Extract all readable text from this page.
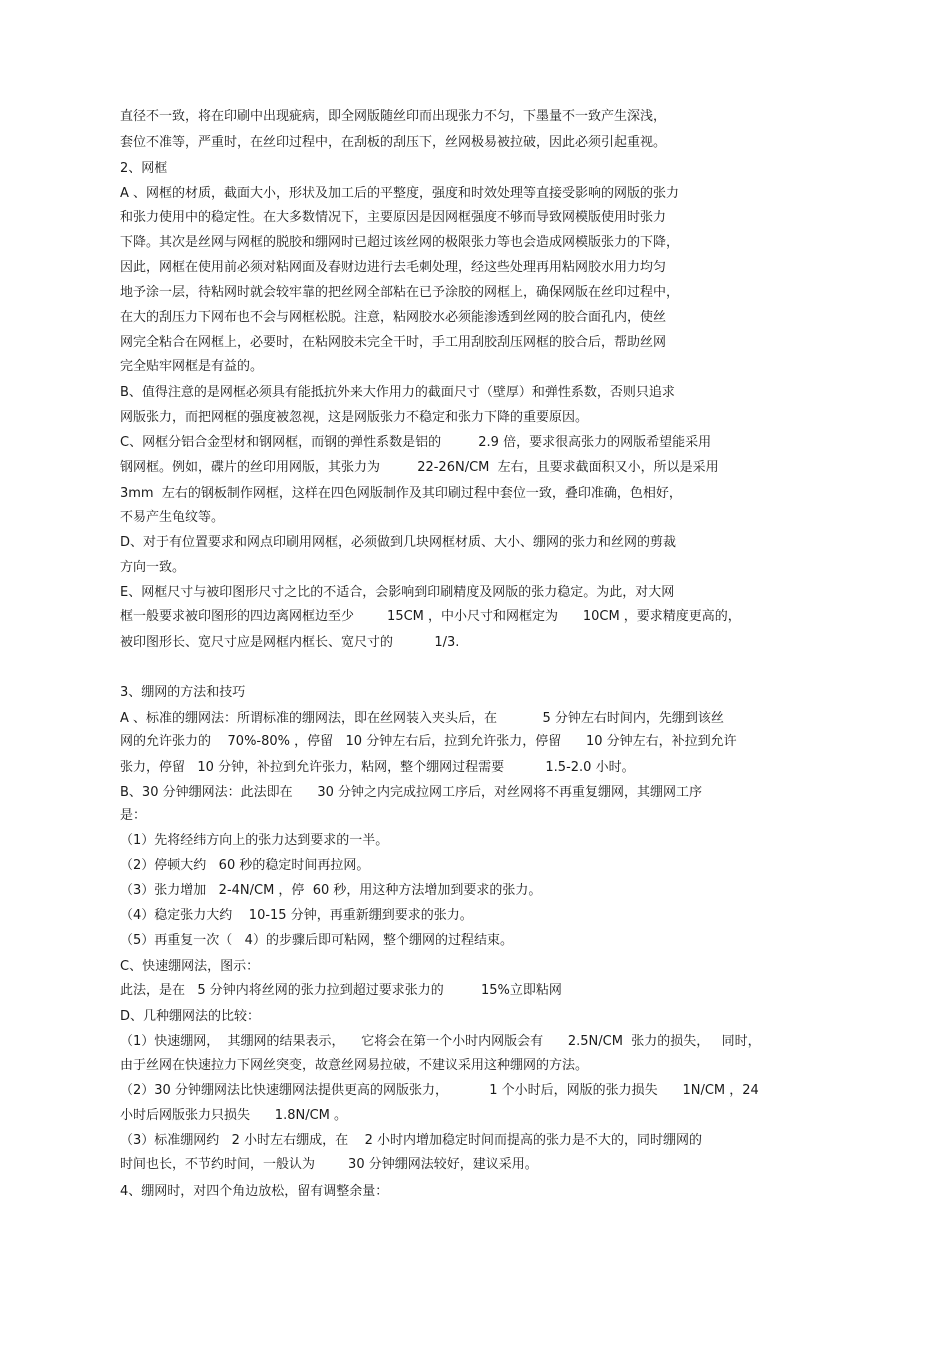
直径不一致，将在印刷中出现疵病，即全网版随丝印而出现张力不匀，下墨量不一致产生深浅，
套位不准等，严重时，在丝印过程中，在刮板的刮压下，丝网极易被拉破，因此必须引起重视。
2、网框
A 、网框的材质，截面大小，形状及加工后的平整度，强度和时效处理等直接受影响的网版的张力
和张力使用中的稳定性。在大多数情况下，主要原因是因网框强度不够而导致网模版使用时张力
下降。其次是丝网与网框的脱胶和绷网时已超过该丝网的极限张力等也会造成网模版张力的下降，
因此，网框在使用前必须对粘网面及春财边进行去毛刺处理，经这些处理再用粘网胶水用力均匀
地予涂一层，待粘网时就会较牢靠的把丝网全部粘在已予涂胶的网框上，确保网版在丝印过程中，
在大的刮压力下网布也不会与网框松脱。注意，粘网胶水必须能渗透到丝网的胶合面孔内，使丝
网完全粘合在网框上，必要时，在粘网胶未完全干时，手工用刮胶刮压网框的胶合后，帮助丝网
完全贴牢网框是有益的。
B、值得注意的是网框必须具有能抵抗外来大作用力的截面尺寸（壁厚）和弹性系数，否则只追求
网版张力，而把网框的强度被忽视，这是网版张力不稳定和张力下降的重要原因。
C、网框分铝合金型材和钢网框，而钢的弹性系数是铝的         2.9 倍，要求很高张力的网版希望能采用
钢网框。例如，碟片的丝印用网版，其张力为         22-26N/CM  左右，且要求截面积又小，所以是采用
3mm  左右的钢板制作网框，这样在四色网版制作及其印刷过程中套位一致，叠印准确，色相好，
不易产生龟纹等。
D、对于有位置要求和网点印刷用网框，必须做到几块网框材质、大小、绷网的张力和丝网的剪裁
方向一致。
E、网框尺寸与被印图形尺寸之比的不适合，会影响到印刷精度及网版的张力稳定。为此，对大网
框一般要求被印图形的四边离网框边至少        15CM ，中小尺寸和网框定为      10CM ，要求精度更高的，
被印图形长、宽尺寸应是网框内框长、宽尺寸的          1/3.
3、绷网的方法和技巧
A 、标准的绷网法：所谓标准的绷网法，即在丝网装入夹头后，在           5 分钟左右时间内，先绷到该丝
网的允许张力的    70%-80% ，停留   10 分钟左右后，拉到允许张力，停留      10 分钟左右，补拉到允许
张力，停留   10 分钟，补拉到允许张力，粘网，整个绷网过程需要          1.5-2.0 小时。
B、30 分钟绷网法：此法即在      30 分钟之内完成拉网工序后，对丝网将不再重复绷网，其绷网工序
是：
（1）先将经纬方向上的张力达到要求的一半。
（2）停顿大约   60 秒的稳定时间再拉网。
（3）张力增加   2-4N/CM ，停  60 秒，用这种方法增加到要求的张力。
（4）稳定张力大约    10-15 分钟，再重新绷到要求的张力。
（5）再重复一次（   4）的步骤后即可粘网，整个绷网的过程结束。
C、快速绷网法，图示：
此法，是在   5 分钟内将丝网的张力拉到超过要求张力的         15%立即粘网
D、几种绷网法的比较：
（1）快速绷网，  其绷网的结果表示，    它将会在第一个小时内网版会有      2.5N/CM  张力的损失，   同时，
由于丝网在快速拉力下网丝突变，故意丝网易拉破，不建议采用这种绷网的方法。
（2）30 分钟绷网法比快速绷网法提供更高的网版张力，          1 个小时后，网版的张力损失      1N/CM ，24
小时后网版张力只损失      1.8N/CM 。
（3）标准绷网约   2 小时左右绷成，在    2 小时内增加稳定时间而提高的张力是不大的，同时绷网的
时间也长，不节约时间，一般认为        30 分钟绷网法较好，建议采用。
4、绷网时，对四个角边放松，留有调整余量：
